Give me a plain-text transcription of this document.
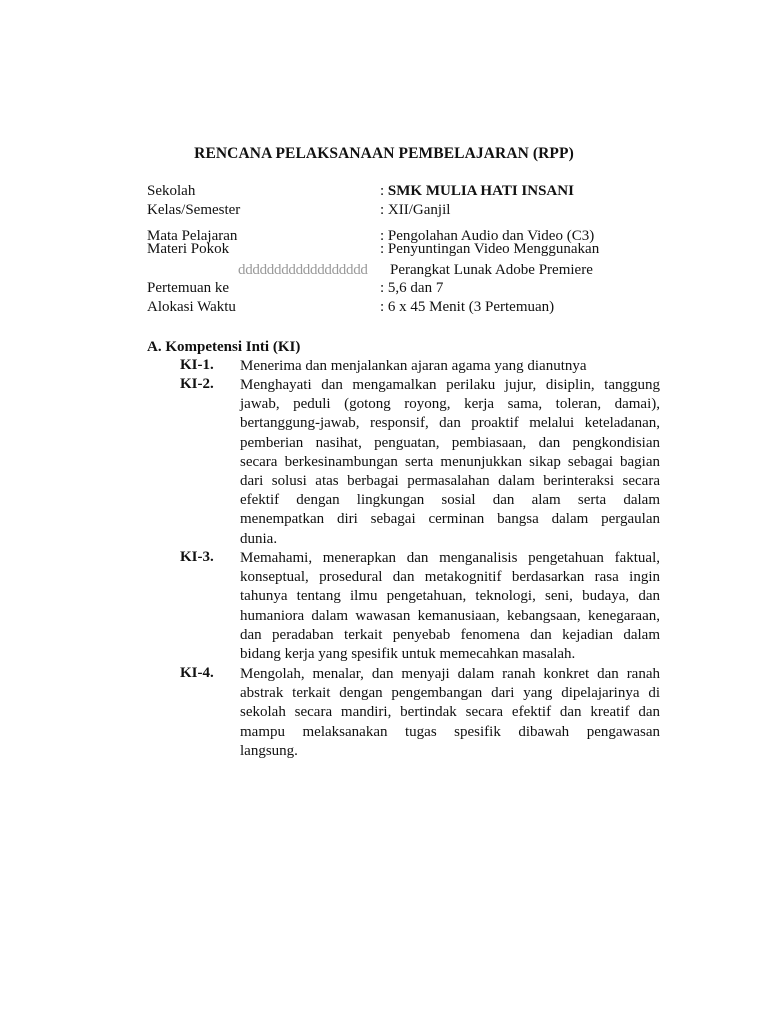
RENCANA PELAKSANAAN PEMBELAJARAN (RPP)
Sekolah	: SMK MULIA HATI INSANI
Kelas/Semester	: XII/Ganjil
Mata Pelajaran	: Pengolahan Audio dan Video (C3)
Materi Pokok	: Penyuntingan Video Menggunakan
dddddddddddddddddd Perangkat Lunak Adobe Premiere
Pertemuan ke	: 5,6 dan 7
Alokasi Waktu	: 6 x 45 Menit (3 Pertemuan)
A. Kompetensi Inti (KI)
KI-1. Menerima dan menjalankan ajaran agama yang dianutnya
KI-2. Menghayati dan mengamalkan perilaku jujur, disiplin, tanggung
jawab, peduli (gotong royong, kerja sama, toleran, damai),
bertanggung-jawab, responsif, dan proaktif melalui keteladanan,
pemberian nasihat, penguatan, pembiasaan, dan pengkondisian
secara berkesinambungan serta menunjukkan sikap sebagai bagian
dari solusi atas berbagai permasalahan dalam berinteraksi secara
efektif dengan lingkungan sosial dan alam serta dalam
menempatkan diri sebagai cerminan bangsa dalam pergaulan
dunia.
KI-3. Memahami, menerapkan dan menganalisis pengetahuan faktual,
konseptual, prosedural dan metakognitif berdasarkan rasa ingin
tahunya tentang ilmu pengetahuan, teknologi, seni, budaya, dan
humaniora dalam wawasan kemanusiaan, kebangsaan, kenegaraan,
dan peradaban terkait penyebab fenomena dan kejadian dalam
bidang kerja yang spesifik untuk memecahkan masalah.
KI-4. Mengolah, menalar, dan menyaji dalam ranah konkret dan ranah
abstrak terkait dengan pengembangan dari yang dipelajarinya di
sekolah secara mandiri, bertindak secara efektif dan kreatif dan
mampu melaksanakan tugas spesifik dibawah pengawasan
langsung.
